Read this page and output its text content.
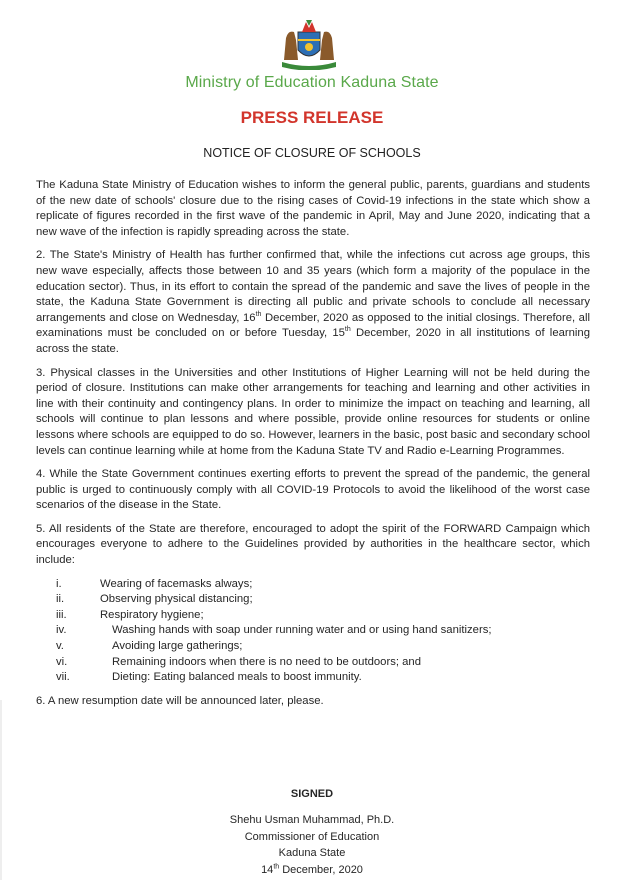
Ministry of Education Kaduna State
PRESS RELEASE
NOTICE OF CLOSURE OF SCHOOLS

The Kaduna State Ministry of Education wishes to inform the general public, parents, guardians and students of the new date of schools' closure due to the rising cases of Covid-19 infections in the state which show a replicate of figures recorded in the first wave of the pandemic in April, May and June 2020, indicating that a new wave of the infection is rapidly spreading across the state.

2. The State's Ministry of Health has further confirmed that, while the infections cut across age groups, this new wave especially, affects those between 10 and 35 years (which form a majority of the populace in the education sector). Thus, in its effort to contain the spread of the pandemic and save the lives of people in the state, the Kaduna State Government is directing all public and private schools to conclude all necessary arrangements and close on Wednesday, 16th December, 2020 as opposed to the initial closings. Therefore, all examinations must be concluded on or before Tuesday, 15th December, 2020 in all institutions of learning across the state.

3. Physical classes in the Universities and other Institutions of Higher Learning will not be held during the period of closure. Institutions can make other arrangements for teaching and learning and other activities in line with their continuity and contingency plans. In order to minimize the impact on teaching and learning, all schools will continue to plan lessons and where possible, provide online resources for students or online lessons where schools are equipped to do so. However, learners in the basic, post basic and secondary school levels can continue learning while at home from the Kaduna State TV and Radio e-Learning Programmes.

4. While the State Government continues exerting efforts to prevent the spread of the pandemic, the general public is urged to continuously comply with all COVID-19 Protocols to avoid the likelihood of the worst case scenarios of the disease in the State.

5. All residents of the State are therefore, encouraged to adopt the spirit of the FORWARD Campaign which encourages everyone to adhere to the Guidelines provided by authorities in the healthcare sector, which include:

i.	Wearing of facemasks always;
ii.	Observing physical distancing;
iii.	Respiratory hygiene;
iv.	Washing hands with soap under running water and or using hand sanitizers;
v.	Avoiding large gatherings;
vi.	Remaining indoors when there is no need to be outdoors; and
vii.	Dieting: Eating balanced meals to boost immunity.

6. A new resumption date will be announced later, please.

SIGNED
Shehu Usman Muhammad, Ph.D.
Commissioner of Education
Kaduna State
14th December, 2020
